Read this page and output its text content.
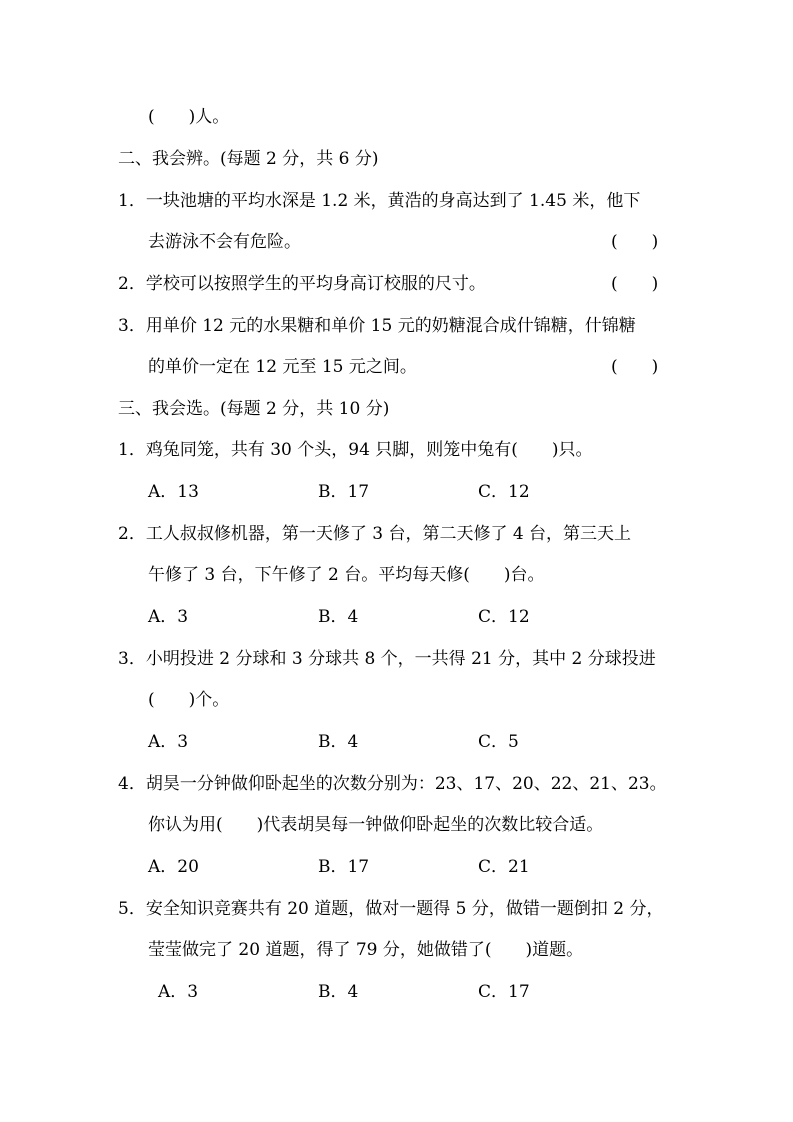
(　　)人。
二、我会辨。(每题 2 分，共 6 分)
1．一块池塘的平均水深是 1.2 米，黄浩的身高达到了 1.45 米，他下
去游泳不会有危险。	(　　)
2．学校可以按照学生的平均身高订校服的尺寸。	(　　)
3．用单价 12 元的水果糖和单价 15 元的奶糖混合成什锦糖，什锦糖
的单价一定在 12 元至 15 元之间。	(　　)
三、我会选。(每题 2 分，共 10 分)
1．鸡兔同笼，共有 30 个头，94 只脚，则笼中兔有(　　)只。
A．13	B．17	C．12
2．工人叔叔修机器，第一天修了 3 台，第二天修了 4 台，第三天上
午修了 3 台，下午修了 2 台。平均每天修(　　)台。
A．3	B．4	C．12
3．小明投进 2 分球和 3 分球共 8 个，一共得 21 分，其中 2 分球投进
(　　)个。
A．3	B．4	C．5
4．胡昊一分钟做仰卧起坐的次数分别为：23、17、20、22、21、23。
你认为用(　　)代表胡昊每一钟做仰卧起坐的次数比较合适。
A．20	B．17	C．21
5．安全知识竞赛共有 20 道题，做对一题得 5 分，做错一题倒扣 2 分，
莹莹做完了 20 道题，得了 79 分，她做错了(　　)道题。
A．3	B．4	C．17
